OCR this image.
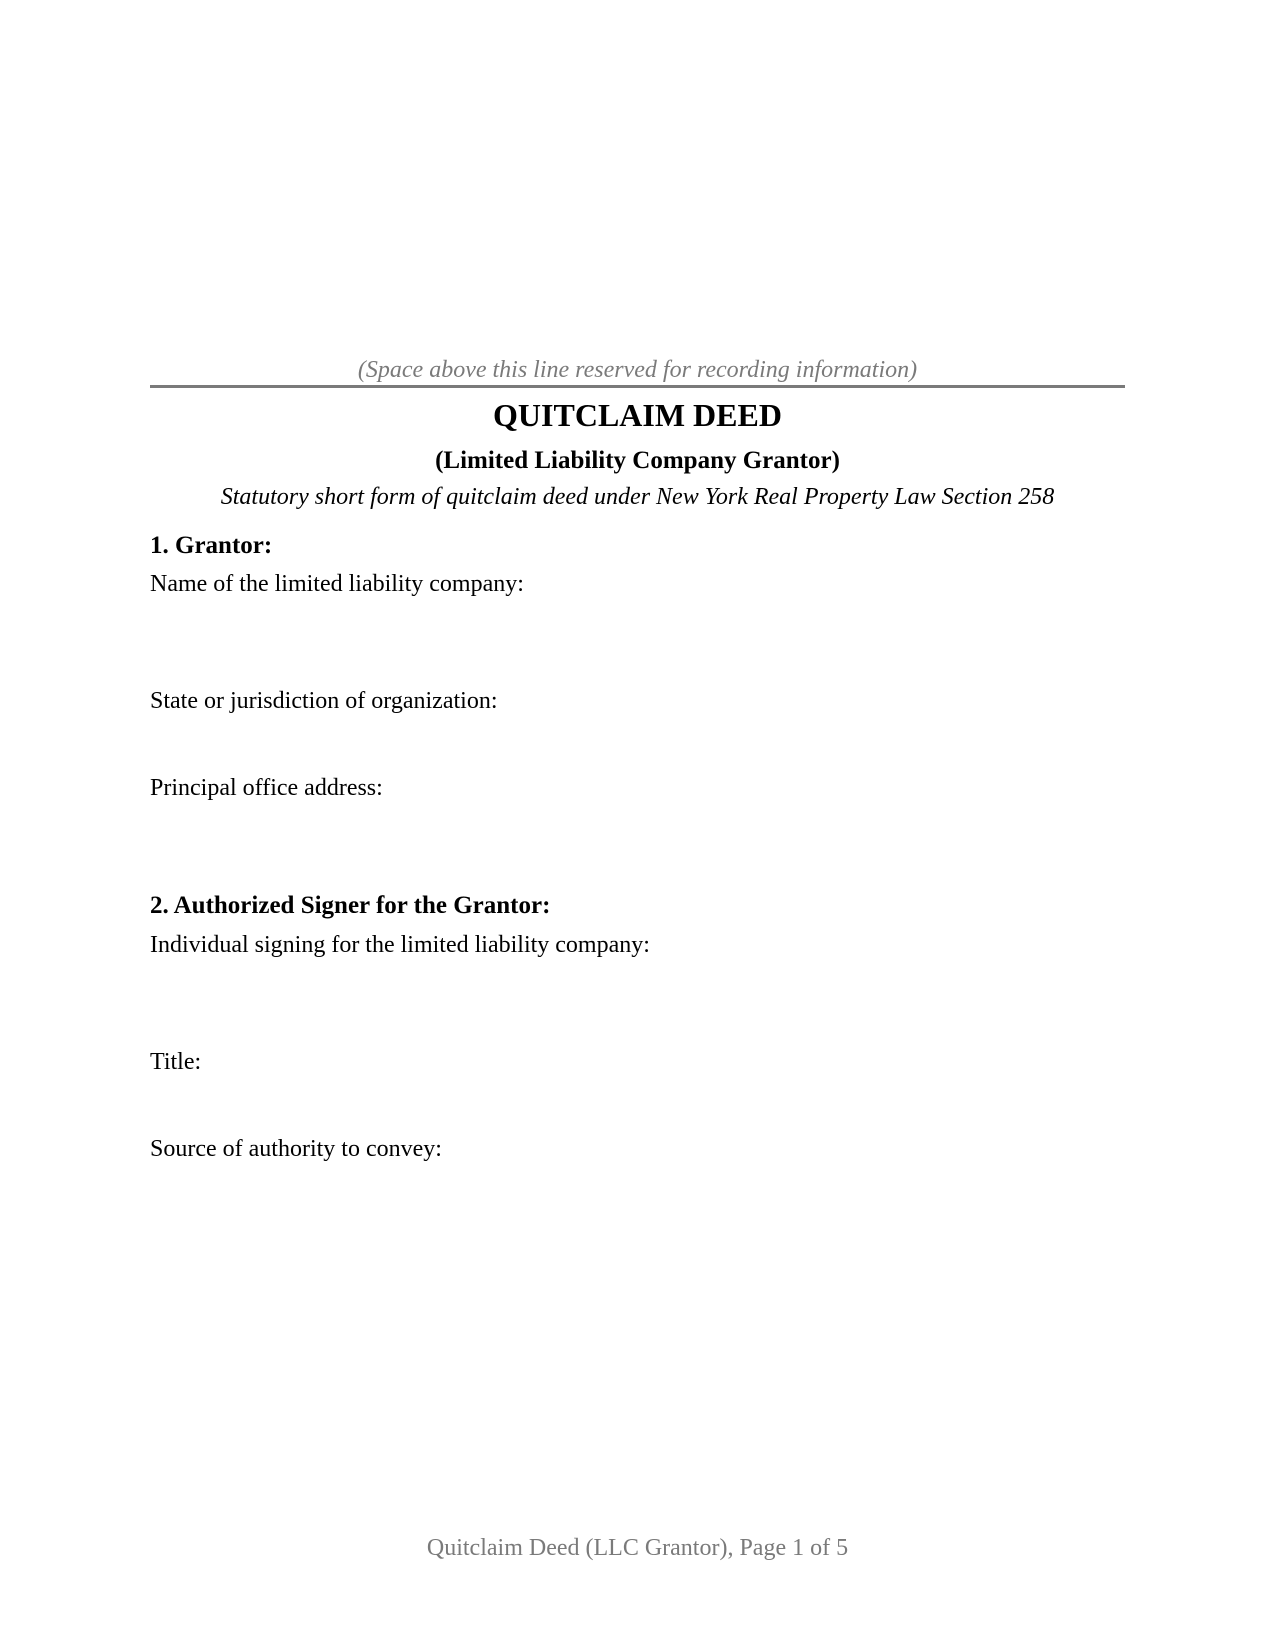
(Space above this line reserved for recording information)
QUITCLAIM DEED
(Limited Liability Company Grantor)
Statutory short form of quitclaim deed under New York Real Property Law Section 258
1. Grantor:
Name of the limited liability company:
State or jurisdiction of organization:
Principal office address:
2. Authorized Signer for the Grantor:
Individual signing for the limited liability company:
Title:
Source of authority to convey:
Quitclaim Deed (LLC Grantor), Page 1 of 5
